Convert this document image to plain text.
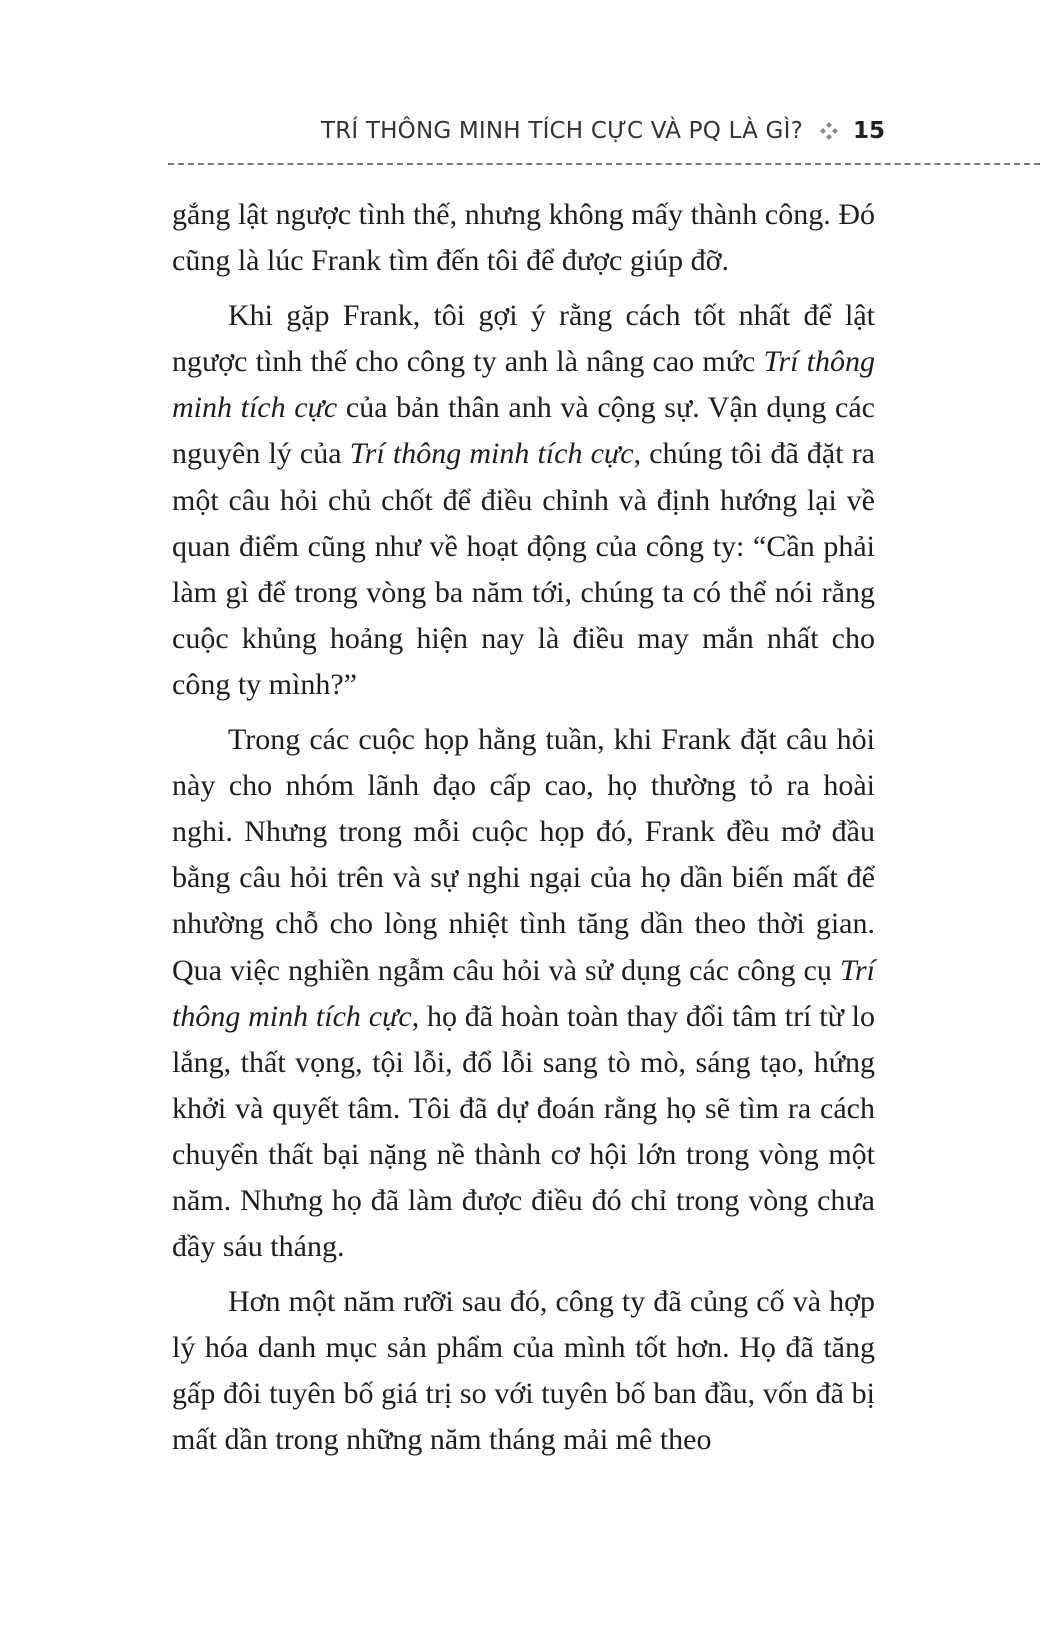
TRÍ THÔNG MINH TÍCH CỰC VÀ PQ LÀ GÌ? 15

gắng lật ngược tình thế, nhưng không mấy thành công. Đó cũng là lúc Frank tìm đến tôi để được giúp đỡ.

Khi gặp Frank, tôi gợi ý rằng cách tốt nhất để lật ngược tình thế cho công ty anh là nâng cao mức Trí thông minh tích cực của bản thân anh và cộng sự. Vận dụng các nguyên lý của Trí thông minh tích cực, chúng tôi đã đặt ra một câu hỏi chủ chốt để điều chỉnh và định hướng lại về quan điểm cũng như về hoạt động của công ty: “Cần phải làm gì để trong vòng ba năm tới, chúng ta có thể nói rằng cuộc khủng hoảng hiện nay là điều may mắn nhất cho công ty mình?”

Trong các cuộc họp hằng tuần, khi Frank đặt câu hỏi này cho nhóm lãnh đạo cấp cao, họ thường tỏ ra hoài nghi. Nhưng trong mỗi cuộc họp đó, Frank đều mở đầu bằng câu hỏi trên và sự nghi ngại của họ dần biến mất để nhường chỗ cho lòng nhiệt tình tăng dần theo thời gian. Qua việc nghiền ngẫm câu hỏi và sử dụng các công cụ Trí thông minh tích cực, họ đã hoàn toàn thay đổi tâm trí từ lo lắng, thất vọng, tội lỗi, đổ lỗi sang tò mò, sáng tạo, hứng khởi và quyết tâm. Tôi đã dự đoán rằng họ sẽ tìm ra cách chuyển thất bại nặng nề thành cơ hội lớn trong vòng một năm. Nhưng họ đã làm được điều đó chỉ trong vòng chưa đầy sáu tháng.

Hơn một năm rưỡi sau đó, công ty đã củng cố và hợp lý hóa danh mục sản phẩm của mình tốt hơn. Họ đã tăng gấp đôi tuyên bố giá trị so với tuyên bố ban đầu, vốn đã bị mất dần trong những năm tháng mải mê theo
